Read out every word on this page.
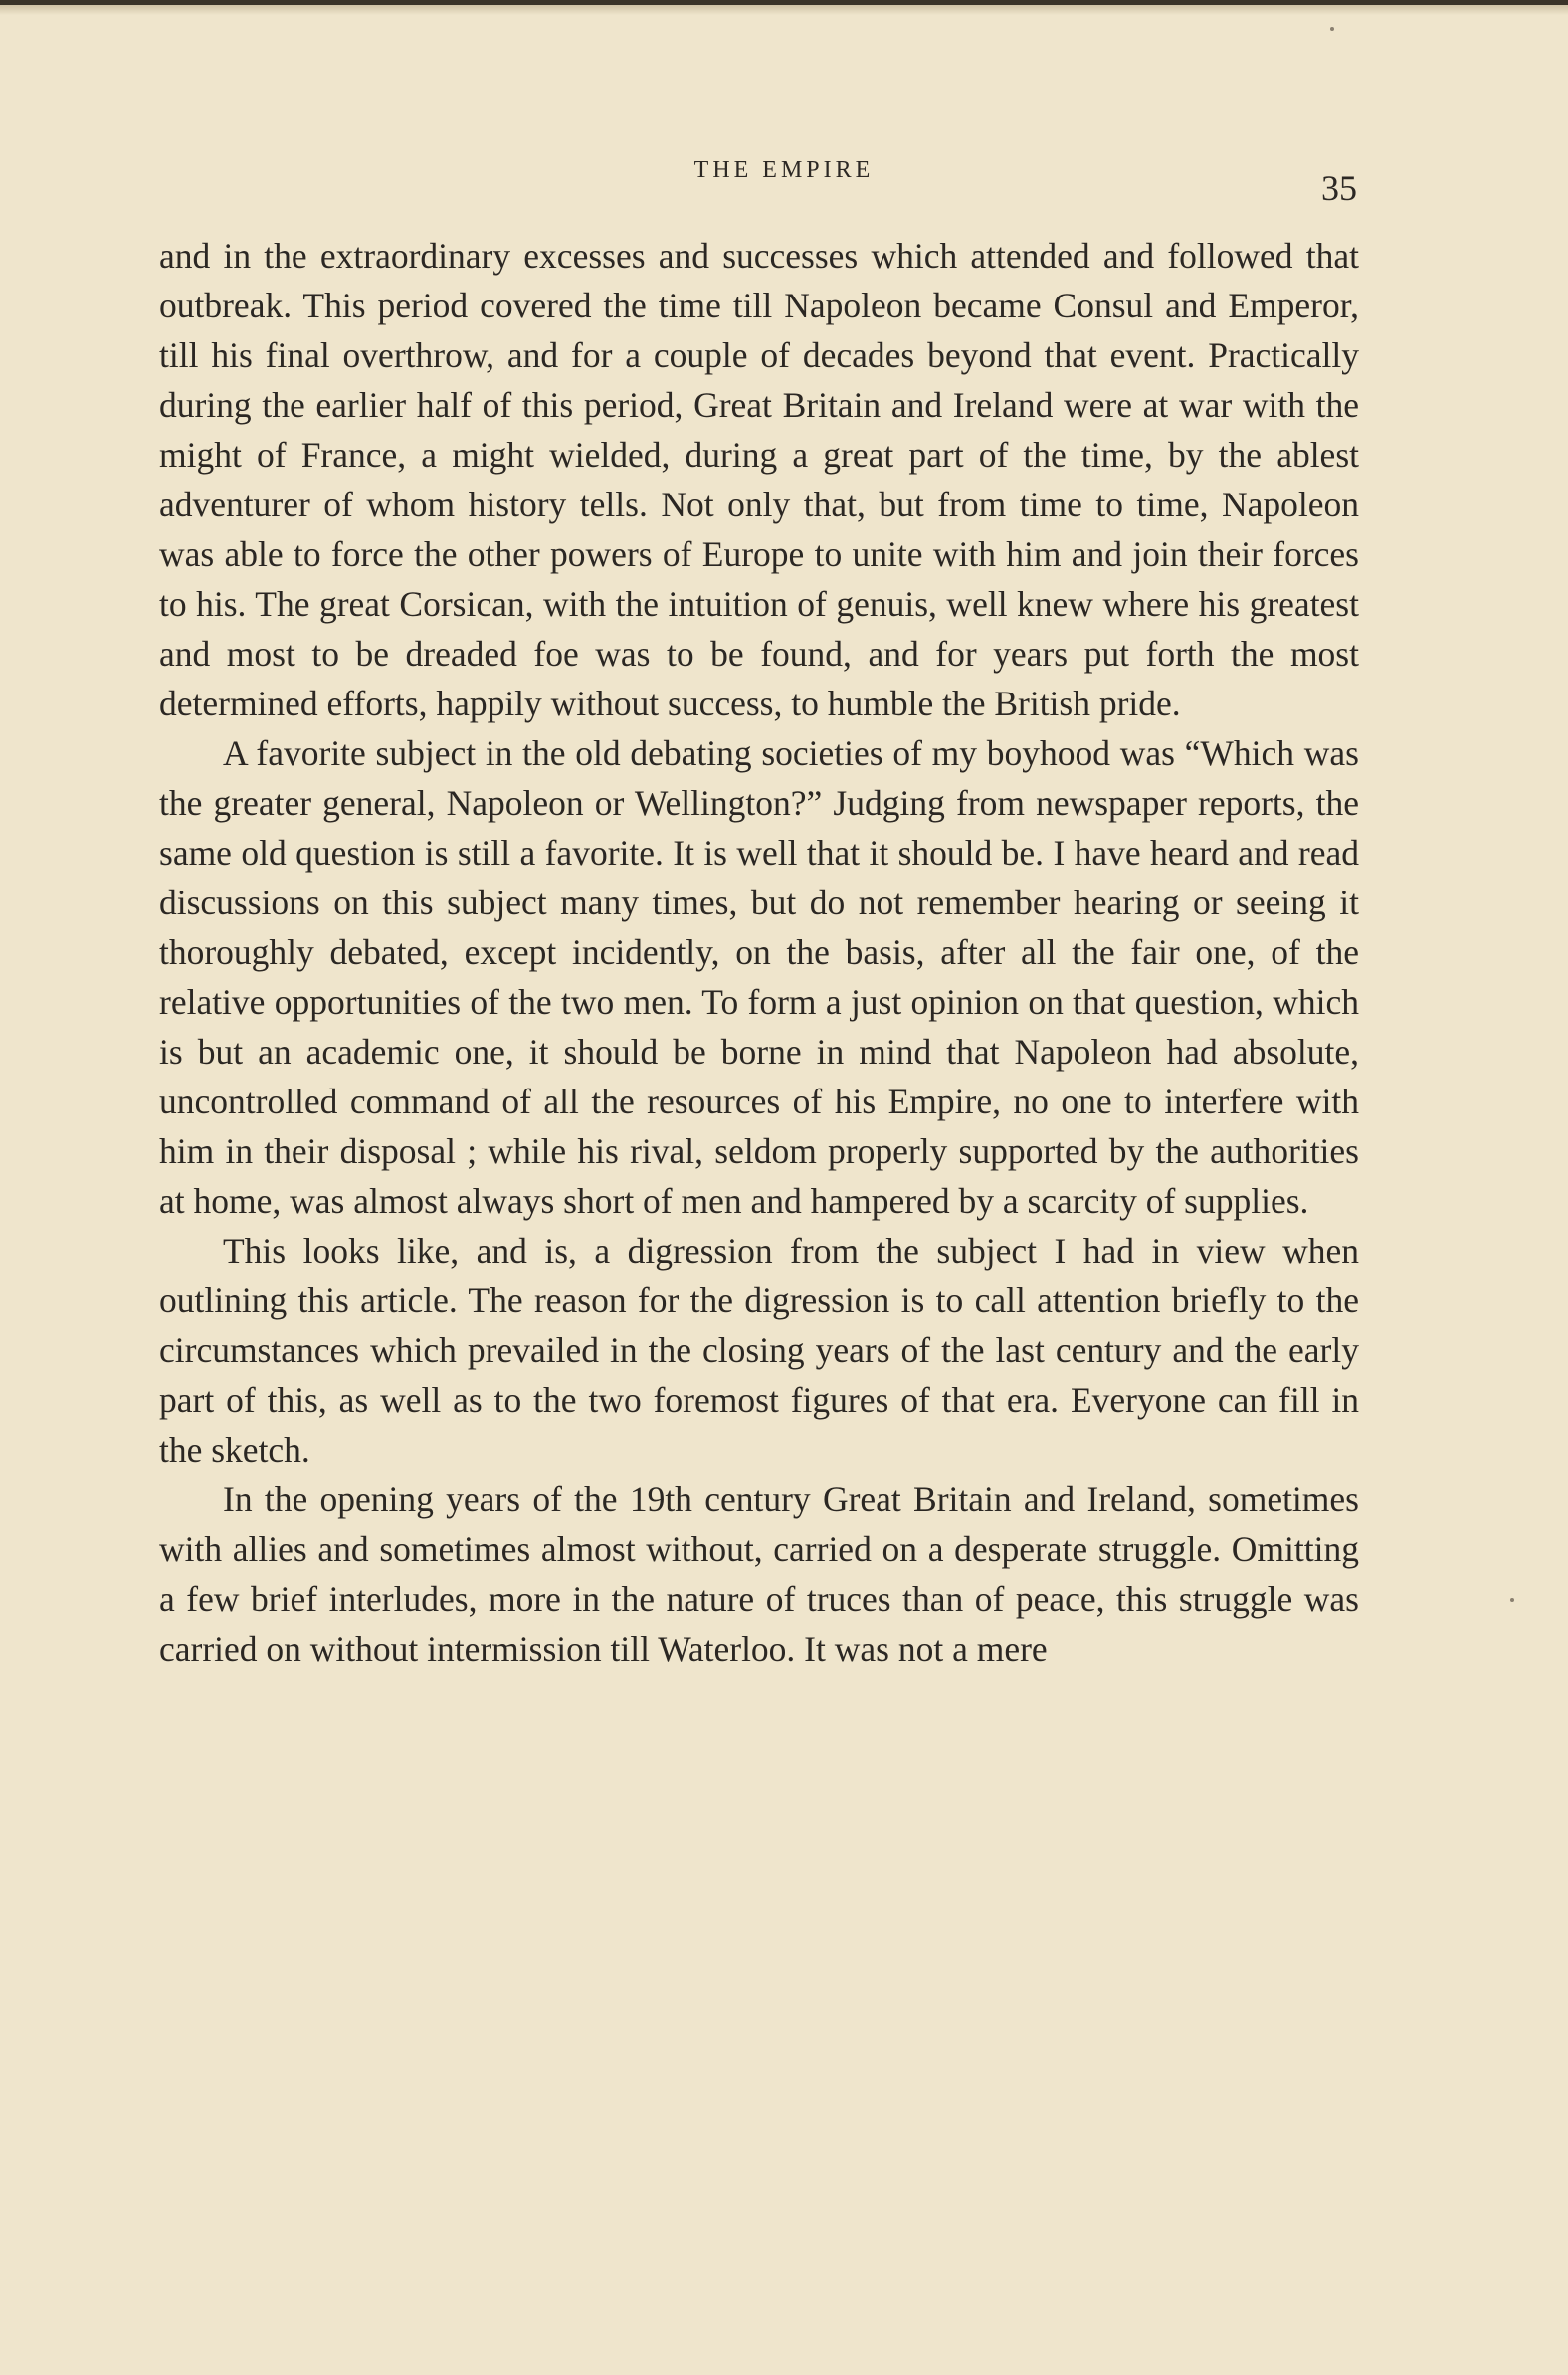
THE EMPIRE	35

and in the extraordinary excesses and successes which attended and followed that outbreak. This period covered the time till Napoleon became Consul and Emperor, till his final overthrow, and for a couple of decades beyond that event. Practically during the earlier half of this period, Great Britain and Ireland were at war with the might of France, a might wielded, during a great part of the time, by the ablest adventurer of whom history tells. Not only that, but from time to time, Napoleon was able to force the other powers of Europe to unite with him and join their forces to his. The great Corsican, with the intuition of genuis, well knew where his greatest and most to be dreaded foe was to be found, and for years put forth the most determined efforts, happily without success, to humble the British pride.

A favorite subject in the old debating societies of my boyhood was “Which was the greater general, Napoleon or Wellington?” Judging from newspaper reports, the same old question is still a favorite. It is well that it should be. I have heard and read discussions on this subject many times, but do not remember hearing or seeing it thoroughly debated, except incidently, on the basis, after all the fair one, of the relative opportunities of the two men. To form a just opinion on that question, which is but an academic one, it should be borne in mind that Napoleon had absolute, uncontrolled command of all the resources of his Empire, no one to interfere with him in their disposal ; while his rival, seldom properly supported by the authorities at home, was almost always short of men and hampered by a scarcity of supplies.

This looks like, and is, a digression from the subject I had in view when outlining this article. The reason for the digression is to call attention briefly to the circumstances which prevailed in the closing years of the last century and the early part of this, as well as to the two foremost figures of that era. Everyone can fill in the sketch.

In the opening years of the 19th century Great Britain and Ireland, sometimes with allies and sometimes almost without, carried on a desperate struggle. Omitting a few brief interludes, more in the nature of truces than of peace, this struggle was carried on without intermission till Waterloo. It was not a mere
